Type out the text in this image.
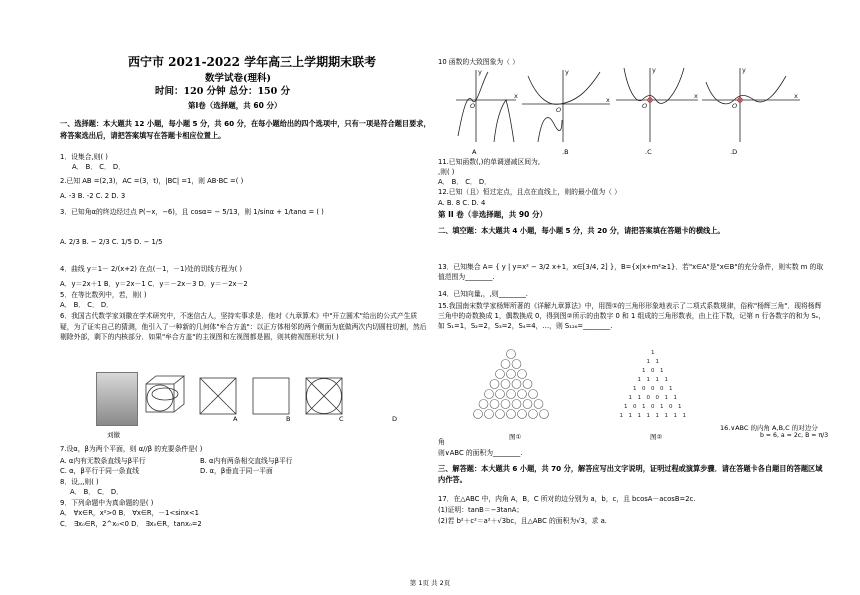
西宁市 2021-2022 学年高三上学期期末联考
数学试卷(理科)
时间：120 分钟 总分：150 分
第Ⅰ卷（选择题，共 60 分）
一、选择题：本大题共 12 小题，每小题 5 分，共 60 分，在每小题给出的四个选项中，只有一项是符合题目要求，将答案选出后，请把答案填写在答题卡相应位置上。
1．设集合,则( )
A． B． C． D．
2.已知 AB =(2,3)，AC =(3，t)，|BC| =1，则 AB·BC =( )
A. -3 B. -2 C. 2 D. 3
3．已知角α的终边经过点 P(−x，−6)，且 cosα= − 5/13，则 1/sinα + 1/tanα = ( )
A. 2/3 B. − 2/3 C. 1/5 D. − 1/5
4．曲线 y＝1－ 2/(x+2) 在点(－1，－1)处的切线方程为( )
A．y＝2x＋1 B．y＝2x－1 C．y＝－2x－3 D．y＝－2x－2
5．在等比数列中，若，则( )
A． B． C． D．
6．我国古代数学家刘徽在学术研究中，不迷信古人，坚持实事求是．他对《九章算术》中"开立圆术"给出的公式产生质疑，为了证实自己的猜测，他引入了一种新的几何体"牟合方盖"：以正方体相邻的两个侧面为底做两次内切圆柱切割，然后剔除外部，剩下的内核部分．如果"牟合方盖"的主视图和左视图都是圆，则其俯视图形状为( )
刘徽
A	B	C	D
7.设α，β为两个平面，则 α//β 的充要条件是( )
A. α内有无数条直线与β平行	B. α内有两条相交直线与β平行
C. α，β平行于同一条直线	D. α，β垂直于同一平面
8．设,,,则( )
A． B． C． D．
9．下列命题中为真命题的是( )
A． ∀x∈R，x²>0 B． ∀x∈R，－1<sinx<1
C． ∃x₀∈R，2^x₀<0 D． ∃x₀∈R，tanx₀=2
10 函数的大致图象为（ ）
O
x
y
O
x
y
O
x
y
O
x
y
A	.B	.C	.D
11.已知函数(,)的单调递减区间为,
,则( )
A． B． C． D．
12.已知（且）恒过定点，且点在直线上，则的最小值为（ ）
A. B. 8 C. D. 4
第 II 卷（非选择题，共 90 分）
二、填空题：本大题共 4 小题，每小题 5 分，共 20 分，请把答案填在答题卡的横线上。
13．已知集合 A= { y | y=x² − 3/2 x+1，x∈[3/4, 2] }，B={x|x+m²≥1}．若"x∈A"是"x∈B"的充分条件，则实数 m 的取值范围为________.
14．已知向量,，,则________.
15.我国南宋数学家杨辉所著的《详解九章算法》中，用图①的三角形形象地表示了二项式系数规律，俗称"杨辉三角"．现将杨辉三角中的奇数换成 1，偶数换成 0，得到图②所示的由数字 0 和 1 组成的三角形数表，由上往下数，记第 n 行各数字的和为 Sₙ，如 S₁=1，S₂=2，S₃=2，S₄=4，…，则 S₁₂₆=________.
1
1 1
1 0 1
1 1 1 1
1 0 0 0 1
1 1 0 0 1 1
1 0 1 0 1 0 1
1 1 1 1 1 1 1 1
图①	图②
16.∨ABC 的内角 A,B,C 的对边分
b = 6, a = 2c, B = π/3
角
则∨ABC 的面积为________.
三、解答题：本大题共 6 小题，共 70 分，解答应写出文字说明，证明过程或演算步骤．请在答题卡各自题目的答题区域内作答。
17．在△ABC 中，内角 A，B，C 所对的边分别为 a，b，c，且 bcosA－acosB=2c.
(1)证明：tanB＝−3tanA；
(2)若 b²＋c²＝a²＋√3bc，且△ABC 的面积为√3，求 a.
第 1页 共 2页
